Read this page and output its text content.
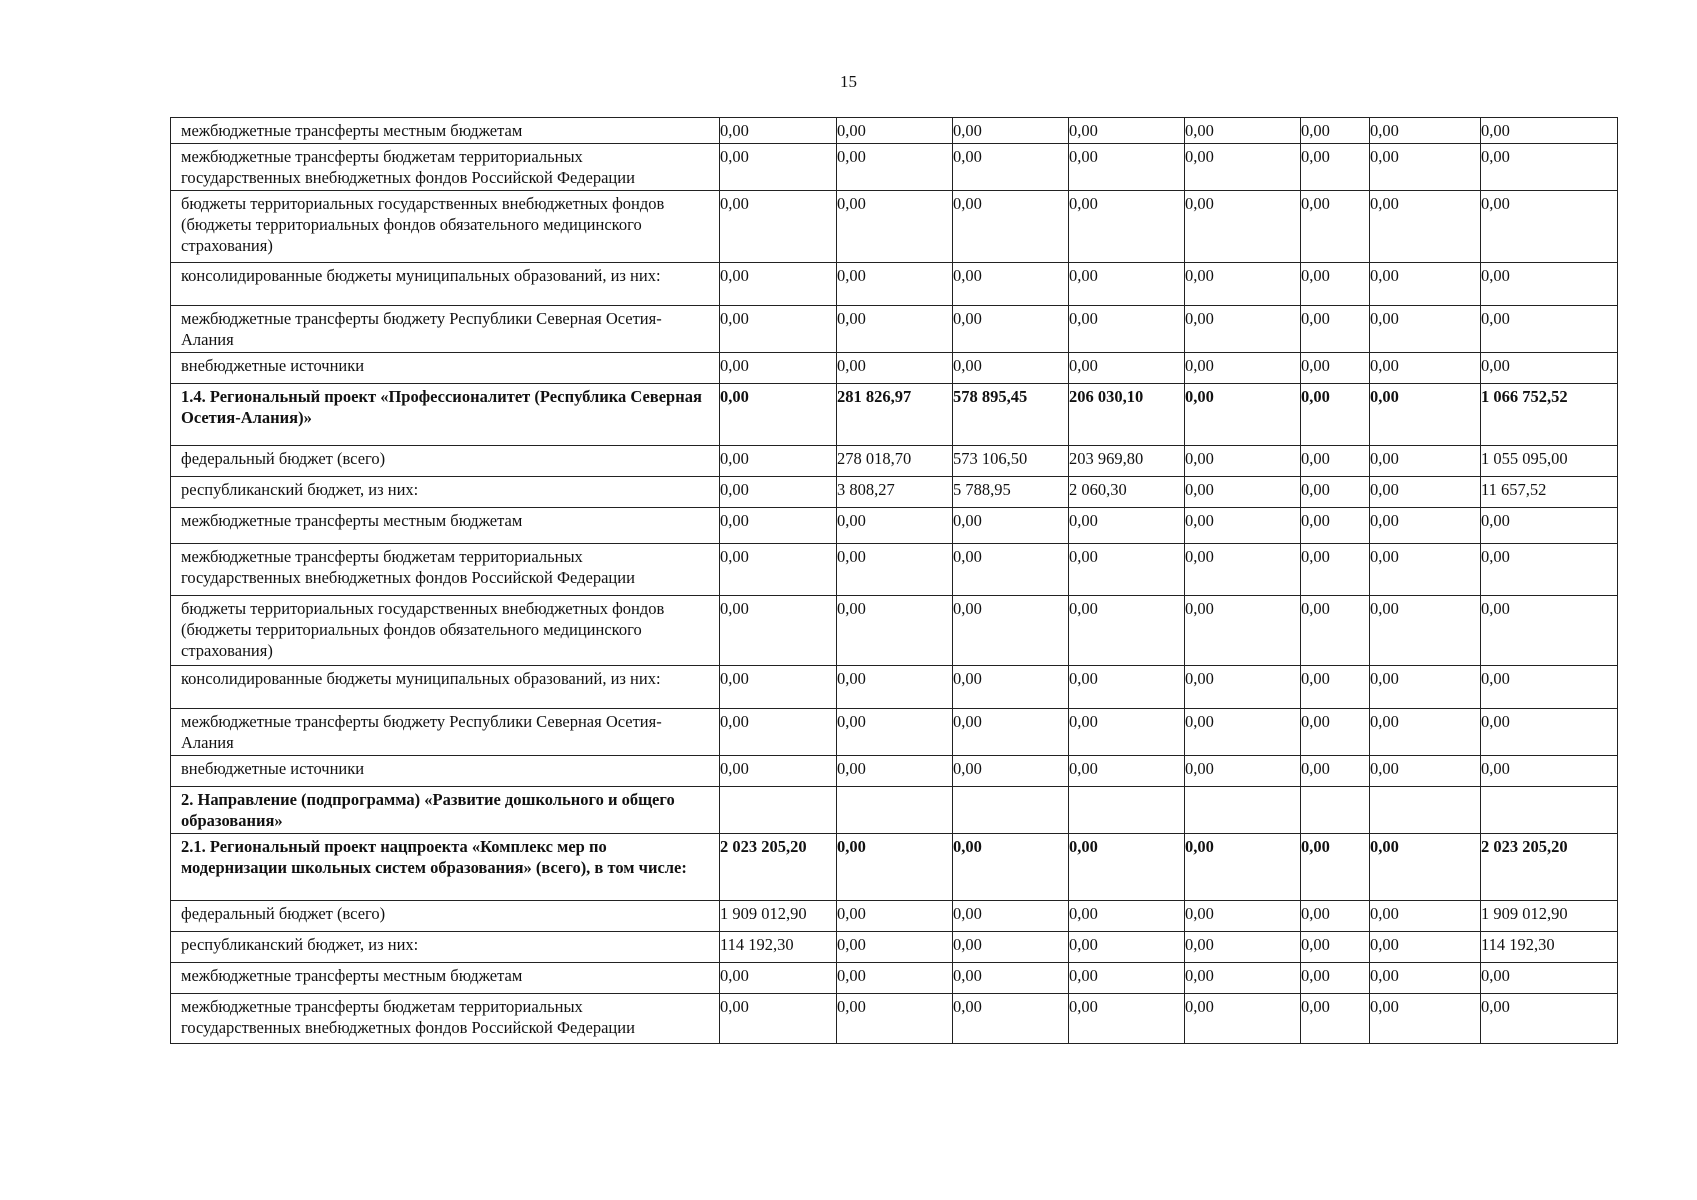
15
межбюджетные трансферты местным бюджетам	0,00	0,00	0,00	0,00	0,00	0,00	0,00	0,00
межбюджетные трансферты бюджетам территориальных государственных внебюджетных фондов Российской Федерации	0,00	0,00	0,00	0,00	0,00	0,00	0,00	0,00
бюджеты территориальных государственных внебюджетных фондов (бюджеты территориальных фондов обязательного медицинского страхования)	0,00	0,00	0,00	0,00	0,00	0,00	0,00	0,00
консолидированные бюджеты муниципальных образований, из них:	0,00	0,00	0,00	0,00	0,00	0,00	0,00	0,00
межбюджетные трансферты бюджету Республики Северная Осетия-Алания	0,00	0,00	0,00	0,00	0,00	0,00	0,00	0,00
внебюджетные источники	0,00	0,00	0,00	0,00	0,00	0,00	0,00	0,00
1.4. Региональный проект «Профессионалитет (Республика Северная Осетия-Алания)»	0,00	281 826,97	578 895,45	206 030,10	0,00	0,00	0,00	1 066 752,52
федеральный бюджет (всего)	0,00	278 018,70	573 106,50	203 969,80	0,00	0,00	0,00	1 055 095,00
республиканский бюджет, из них:	0,00	3 808,27	5 788,95	2 060,30	0,00	0,00	0,00	11 657,52
межбюджетные трансферты местным бюджетам	0,00	0,00	0,00	0,00	0,00	0,00	0,00	0,00
межбюджетные трансферты бюджетам территориальных государственных внебюджетных фондов Российской Федерации	0,00	0,00	0,00	0,00	0,00	0,00	0,00	0,00
бюджеты территориальных государственных внебюджетных фондов (бюджеты территориальных фондов обязательного медицинского страхования)	0,00	0,00	0,00	0,00	0,00	0,00	0,00	0,00
консолидированные бюджеты муниципальных образований, из них:	0,00	0,00	0,00	0,00	0,00	0,00	0,00	0,00
межбюджетные трансферты бюджету Республики Северная Осетия-Алания	0,00	0,00	0,00	0,00	0,00	0,00	0,00	0,00
внебюджетные источники	0,00	0,00	0,00	0,00	0,00	0,00	0,00	0,00
2. Направление (подпрограмма) «Развитие дошкольного и общего образования»								
2.1. Региональный проект нацпроекта «Комплекс мер по модернизации школьных систем образования» (всего), в том числе:	2 023 205,20	0,00	0,00	0,00	0,00	0,00	0,00	2 023 205,20
федеральный бюджет (всего)	1 909 012,90	0,00	0,00	0,00	0,00	0,00	0,00	1 909 012,90
республиканский бюджет, из них:	114 192,30	0,00	0,00	0,00	0,00	0,00	0,00	114 192,30
межбюджетные трансферты местным бюджетам	0,00	0,00	0,00	0,00	0,00	0,00	0,00	0,00
межбюджетные трансферты бюджетам территориальных государственных внебюджетных фондов Российской Федерации	0,00	0,00	0,00	0,00	0,00	0,00	0,00	0,00
